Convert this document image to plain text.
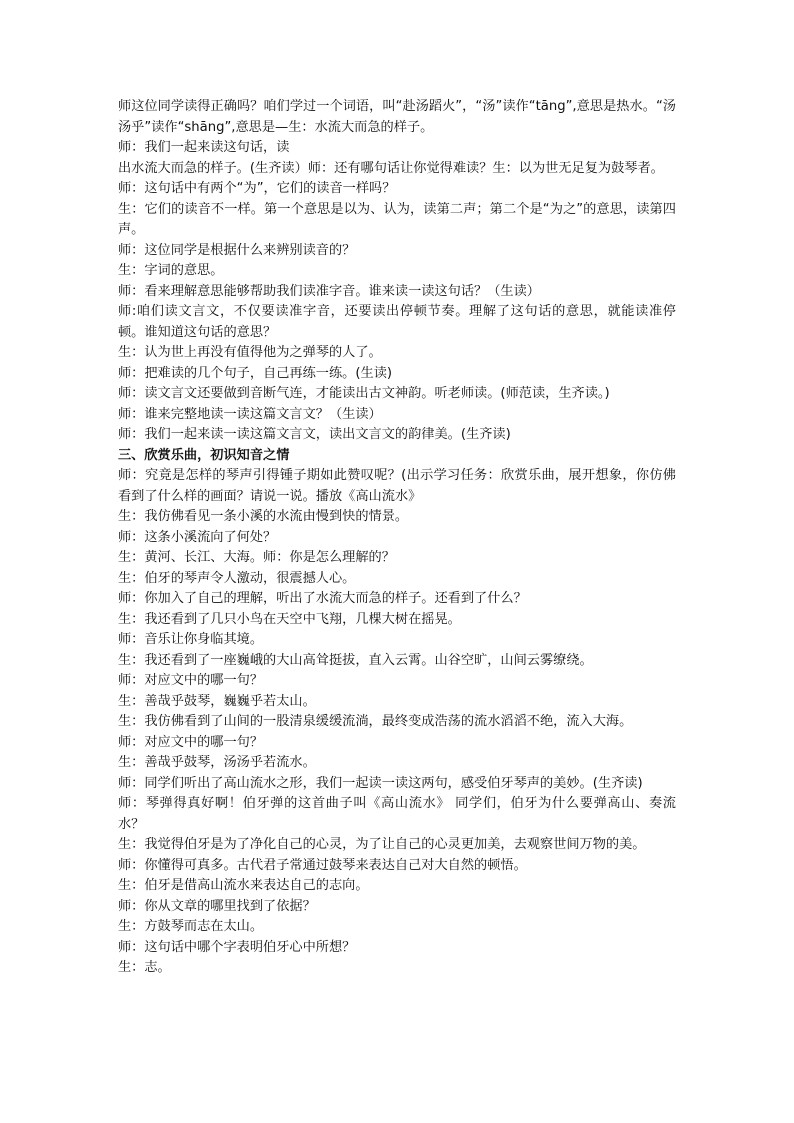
师这位同学读得正确吗？咱们学过一个词语，叫“赴汤蹈火”，“汤”读作“tāng”,意思是热水。“汤汤乎”读作“shāng”,意思是—生：水流大而急的样子。

师：我们一起来读这句话，读

出水流大而急的样子。(生齐读）师：还有哪句话让你觉得难读？生：以为世无足复为鼓琴者。

师：这句话中有两个“为”，它们的读音一样吗？

生：它们的读音不一样。第一个意思是以为、认为，读第二声；第二个是“为之”的意思，读第四声。

师：这位同学是根据什么来辨别读音的？

生：字词的意思。

师：看来理解意思能够帮助我们读准字音。谁来读一读这句话？（生读）

师:咱们读文言文，不仅要读准字音，还要读出停顿节奏。理解了这句话的意思，就能读准停顿。谁知道这句话的意思？

生：认为世上再没有值得他为之弹琴的人了。

师：把难读的几个句子，自己再练一练。(生读)

师：读文言文还要做到音断气连，才能读出古文神韵。听老师读。(师范读，生齐读。)

师：谁来完整地读一读这篇文言文？（生读）

师：我们一起来读一读这篇文言文，读出文言文的韵律美。(生齐读)

三、欣赏乐曲，初识知音之情

师：究竟是怎样的琴声引得锺子期如此赞叹呢？(出示学习任务：欣赏乐曲，展开想象，你仿佛看到了什么样的画面？请说一说。播放《高山流水》

生：我仿佛看见一条小溪的水流由慢到快的情景。

师：这条小溪流向了何处？

生：黄河、长江、大海。师：你是怎么理解的？

生：伯牙的琴声令人激动，很震撼人心。

师：你加入了自己的理解，听出了水流大而急的样子。还看到了什么？

生：我还看到了几只小鸟在天空中飞翔，几棵大树在摇晃。

师：音乐让你身临其境。

生：我还看到了一座巍峨的大山高耸挺拔，直入云霄。山谷空旷，山间云雾缭绕。

师：对应文中的哪一句？

生：善哉乎鼓琴，巍巍乎若太山。

生：我仿佛看到了山间的一股清泉缓缓流淌，最终变成浩荡的流水滔滔不绝，流入大海。

师：对应文中的哪一句？

生：善哉乎鼓琴，汤汤乎若流水。

师：同学们听出了高山流水之形，我们一起读一读这两句，感受伯牙琴声的美妙。(生齐读)

师：琴弹得真好啊！伯牙弹的这首曲子叫《高山流水》 同学们，伯牙为什么要弹高山、奏流水？

生：我觉得伯牙是为了净化自己的心灵，为了让自己的心灵更加美，去观察世间万物的美。

师：你懂得可真多。古代君子常通过鼓琴来表达自己对大自然的顿悟。

生：伯牙是借高山流水来表达自己的志向。

师：你从文章的哪里找到了依据？

生：方鼓琴而志在太山。

师：这句话中哪个字表明伯牙心中所想？

生：志。
